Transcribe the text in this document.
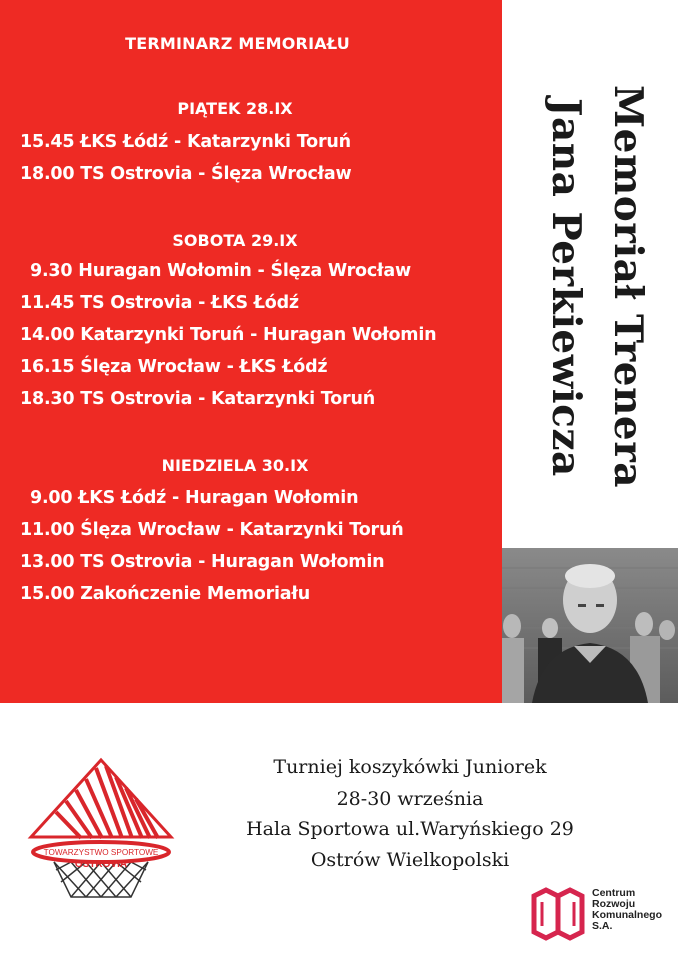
TERMINARZ MEMORIAŁU
PIĄTEK 28.IX
15.45 ŁKS Łódź - Katarzynki Toruń
18.00 TS Ostrovia - Ślęza Wrocław
SOBOTA 29.IX
9.30 Huragan Wołomin - Ślęza Wrocław
11.45 TS Ostrovia - ŁKS Łódź
14.00 Katarzynki Toruń - Huragan Wołomin
16.15 Ślęza Wrocław - ŁKS Łódź
18.30 TS Ostrovia - Katarzynki Toruń
NIEDZIELA 30.IX
9.00 ŁKS Łódź - Huragan Wołomin
11.00 Ślęza Wrocław - Katarzynki Toruń
13.00 TS Ostrovia - Huragan Wołomin
15.00 Zakończenie Memoriału
Memoriał Trenera
Jana Perkiewicza
Turniej koszykówki Juniorek
28-30 września
Hala Sportowa ul.Waryńskiego 29
Ostrów Wielkopolski
TOWARZYSTWO SPORTOWE
OSTROVIA
Centrum
Rozwoju
Komunalnego
S.A.
